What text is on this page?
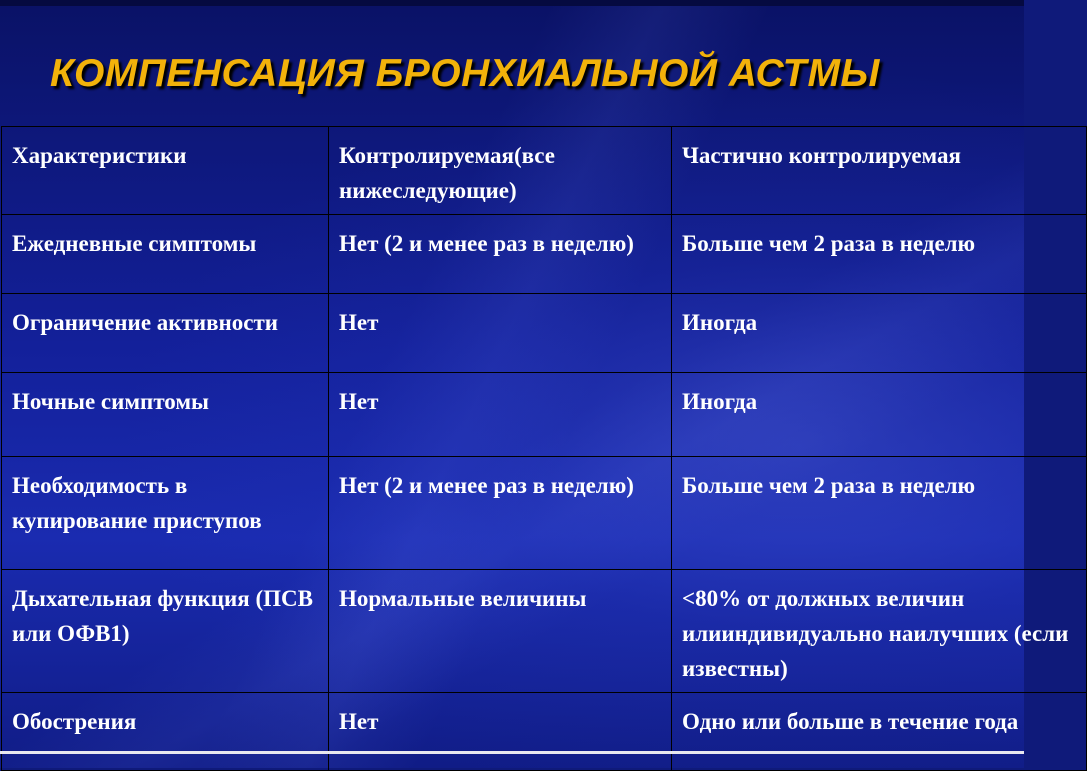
КОМПЕНСАЦИЯ БРОНХИАЛЬНОЙ АСТМЫ
Характеристики	Контролируемая(все нижеследующие)	Частично контролируемая
Ежедневные симптомы	Нет (2 и менее раз в неделю)	Больше чем 2 раза в неделю
Ограничение активности	Нет	Иногда
Ночные симптомы	Нет	Иногда
Необходимость в купирование приступов	Нет (2 и менее раз в неделю)	Больше чем 2 раза в неделю
Дыхательная функция (ПСВ или ОФВ1)	Нормальные величины	<80% от должных величин илииндивидуально наилучших (если известны)
Обострения	Нет	Одно или больше в течение года
